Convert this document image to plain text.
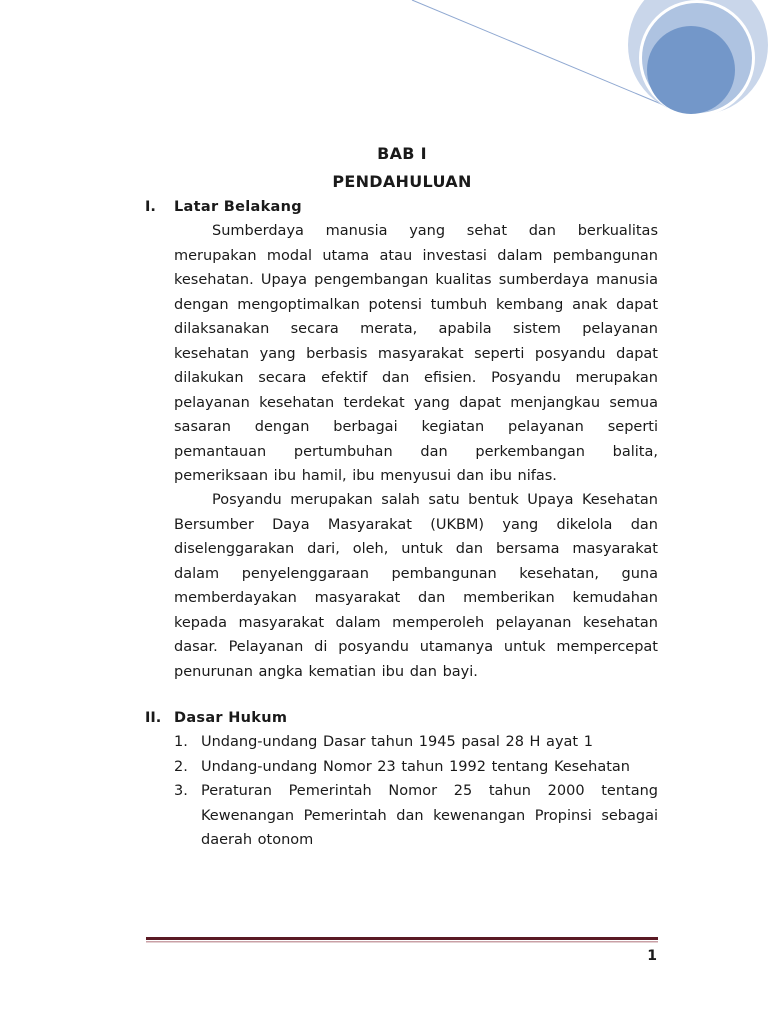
BAB I
PENDAHULUAN
I. Latar Belakang

Sumberdaya manusia yang sehat dan berkualitas merupakan modal utama atau investasi dalam pembangunan kesehatan. Upaya pengembangan kualitas sumberdaya manusia dengan mengoptimalkan potensi tumbuh kembang anak dapat dilaksanakan secara merata, apabila sistem pelayanan kesehatan yang berbasis masyarakat seperti posyandu dapat dilakukan secara efektif dan efisien. Posyandu merupakan pelayanan kesehatan terdekat yang dapat menjangkau semua sasaran dengan berbagai kegiatan pelayanan seperti pemantauan pertumbuhan dan perkembangan balita, pemeriksaan ibu hamil, ibu menyusui dan ibu nifas.

Posyandu merupakan salah satu bentuk Upaya Kesehatan Bersumber Daya Masyarakat (UKBM) yang dikelola dan diselenggarakan dari, oleh, untuk dan bersama masyarakat dalam penyelenggaraan pembangunan kesehatan, guna memberdayakan masyarakat dan memberikan kemudahan kepada masyarakat dalam memperoleh pelayanan kesehatan dasar. Pelayanan di posyandu utamanya untuk mempercepat penurunan angka kematian ibu dan bayi.

II. Dasar Hukum
1. Undang-undang Dasar tahun 1945 pasal 28 H ayat 1
2. Undang-undang Nomor 23 tahun 1992 tentang Kesehatan
3. Peraturan Pemerintah Nomor 25 tahun 2000 tentang Kewenangan Pemerintah dan kewenangan Propinsi sebagai daerah otonom
1
